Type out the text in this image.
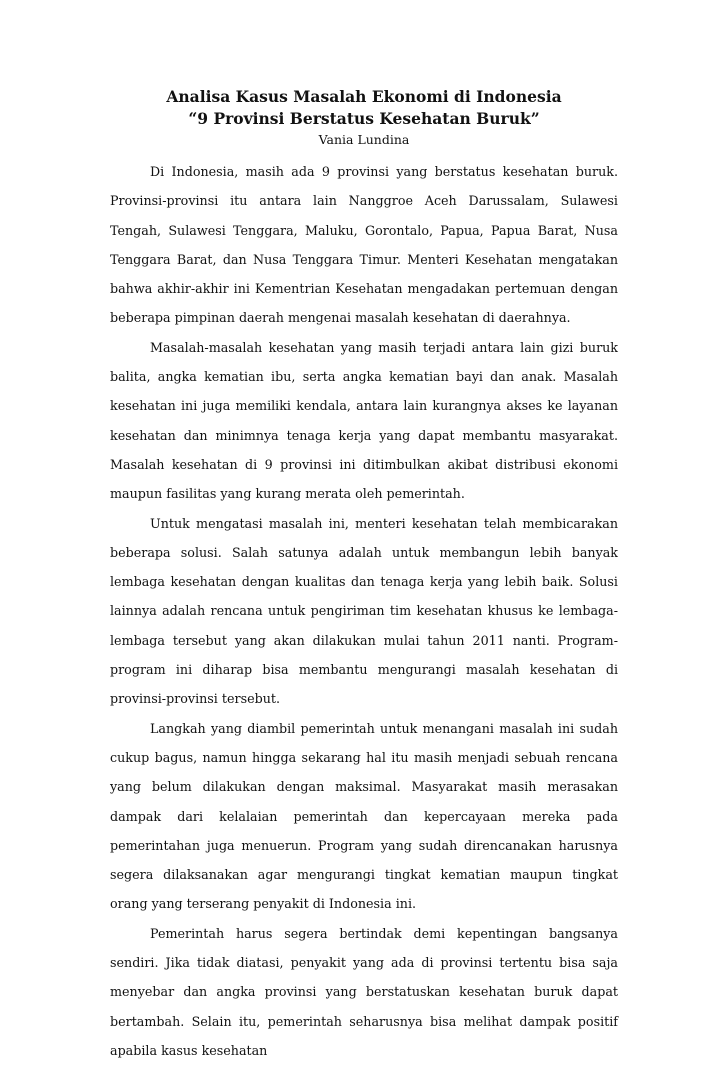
Analisa Kasus Masalah Ekonomi di Indonesia

“9 Provinsi Berstatus Kesehatan Buruk”

Vania Lundina

Di Indonesia, masih ada 9 provinsi yang berstatus kesehatan buruk. Provinsi-provinsi itu antara lain Nanggroe Aceh Darussalam, Sulawesi Tengah, Sulawesi Tenggara, Maluku, Gorontalo, Papua, Papua Barat, Nusa Tenggara Barat, dan Nusa Tenggara Timur. Menteri Kesehatan mengatakan bahwa akhir-akhir ini Kementrian Kesehatan mengadakan pertemuan dengan beberapa pimpinan daerah mengenai masalah kesehatan di daerahnya.

Masalah-masalah kesehatan yang masih terjadi antara lain gizi buruk balita, angka kematian ibu, serta angka kematian bayi dan anak. Masalah kesehatan ini juga memiliki kendala, antara lain kurangnya akses ke layanan kesehatan dan minimnya tenaga kerja yang dapat membantu masyarakat. Masalah kesehatan di 9 provinsi ini ditimbulkan akibat distribusi ekonomi maupun fasilitas yang kurang merata oleh pemerintah.

Untuk mengatasi masalah ini, menteri kesehatan telah membicarakan beberapa solusi. Salah satunya adalah untuk membangun lebih banyak lembaga kesehatan dengan kualitas dan tenaga kerja yang lebih baik. Solusi lainnya adalah rencana untuk pengiriman tim kesehatan khusus ke lembaga-lembaga tersebut yang akan dilakukan mulai tahun 2011 nanti. Program-program ini diharap bisa membantu mengurangi masalah kesehatan di provinsi-provinsi tersebut.

Langkah yang diambil pemerintah untuk menangani masalah ini sudah cukup bagus, namun hingga sekarang hal itu masih menjadi sebuah rencana yang belum dilakukan dengan maksimal. Masyarakat masih merasakan dampak dari kelalaian pemerintah dan kepercayaan mereka pada pemerintahan juga menuerun. Program yang sudah direncanakan harusnya segera dilaksanakan agar mengurangi tingkat kematian maupun tingkat orang yang terserang penyakit di Indonesia ini.

Pemerintah harus segera bertindak demi kepentingan bangsanya sendiri. Jika tidak diatasi, penyakit yang ada di provinsi tertentu bisa saja menyebar dan angka provinsi yang berstatuskan kesehatan buruk dapat bertambah. Selain itu, pemerintah seharusnya bisa melihat dampak positif apabila kasus kesehatan
